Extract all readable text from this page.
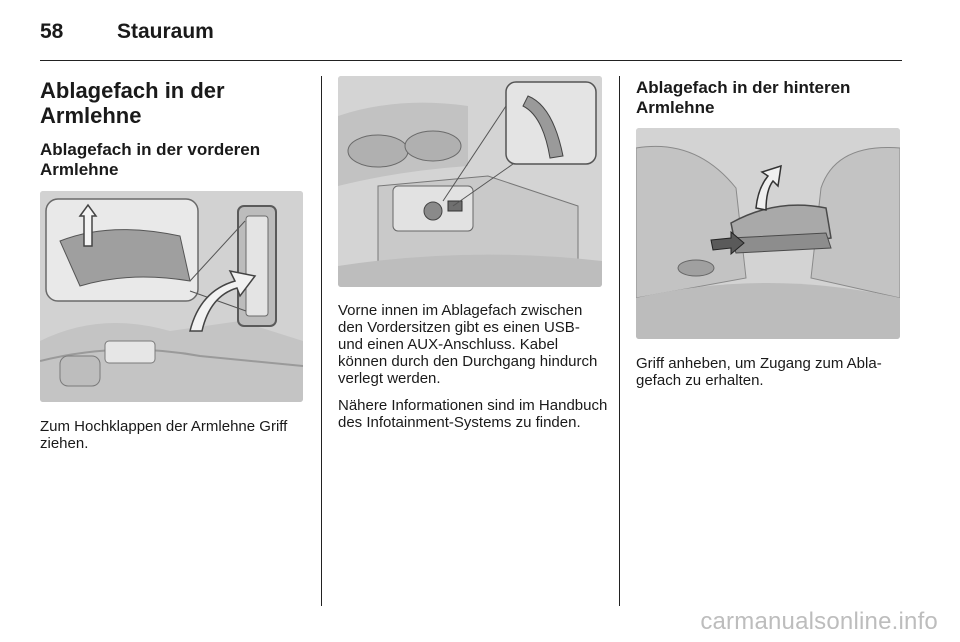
58	Stauraum
Ablagefach in der Armlehne
Ablagefach in der vorderen Armlehne

Zum Hochklappen der Armlehne Griff ziehen.

Vorne innen im Ablagefach zwischen den Vordersitzen gibt es einen USB- und einen AUX-Anschluss. Kabel können durch den Durchgang hindurch verlegt werden.

Nähere Informationen sind im Handbuch des Infotainment-Systems zu finden.

Ablagefach in der hinteren Armlehne

Griff anheben, um Zugang zum Ablagefach zu erhalten.

carmanualsonline.info
